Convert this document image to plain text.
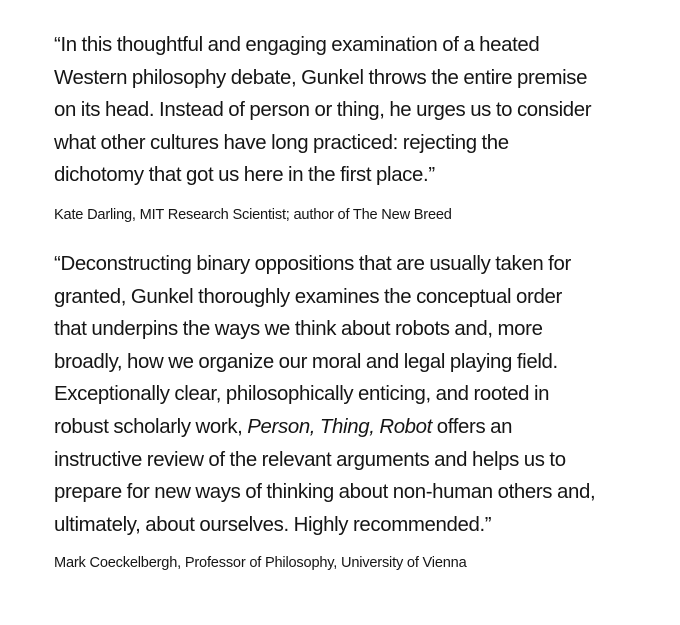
“In this thoughtful and engaging examination of a heated
Western philosophy debate, Gunkel throws the entire premise
on its head. Instead of person or thing, he urges us to consider
what other cultures have long practiced: rejecting the
dichotomy that got us here in the first place.”

Kate Darling, MIT Research Scientist; author of The New Breed

“Deconstructing binary oppositions that are usually taken for
granted, Gunkel thoroughly examines the conceptual order
that underpins the ways we think about robots and, more
broadly, how we organize our moral and legal playing field.
Exceptionally clear, philosophically enticing, and rooted in
robust scholarly work, Person, Thing, Robot offers an
instructive review of the relevant arguments and helps us to
prepare for new ways of thinking about non-human others and,
ultimately, about ourselves. Highly recommended.”

Mark Coeckelbergh, Professor of Philosophy, University of Vienna
